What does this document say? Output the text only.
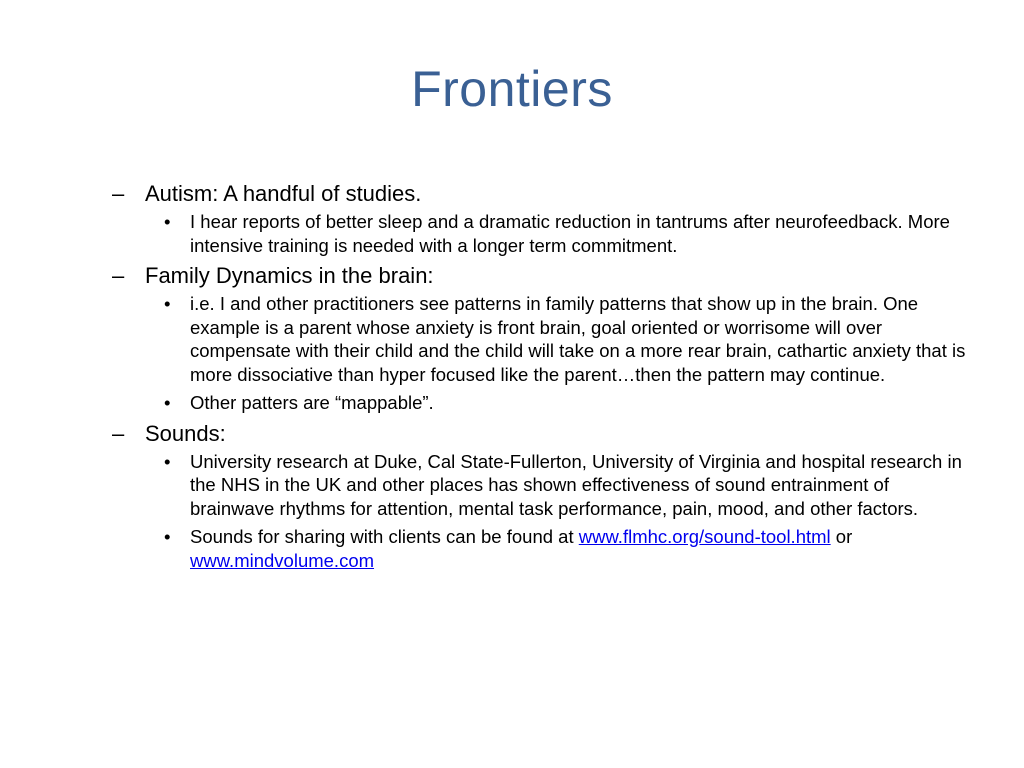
Frontiers
– Autism: A handful of studies.
•	I hear reports of better sleep and a dramatic reduction in tantrums after neurofeedback. More intensive training is needed with a longer term commitment.
– Family Dynamics in the brain:
•	i.e. I and other practitioners see patterns in family patterns that show up in the brain. One example is a parent whose anxiety is front brain, goal oriented or worrisome will over compensate with their child and the child will take on a more rear brain, cathartic anxiety that is more dissociative than hyper focused like the parent…then the pattern may continue.
•	Other patters are “mappable”.
– Sounds:
•	University research at Duke, Cal State-Fullerton, University of Virginia and hospital research in the NHS in the UK and other places has shown effectiveness of sound entrainment of brainwave rhythms for attention, mental task performance, pain, mood, and other factors.
•	Sounds for sharing with clients can be found at www.flmhc.org/sound-tool.html or www.mindvolume.com
